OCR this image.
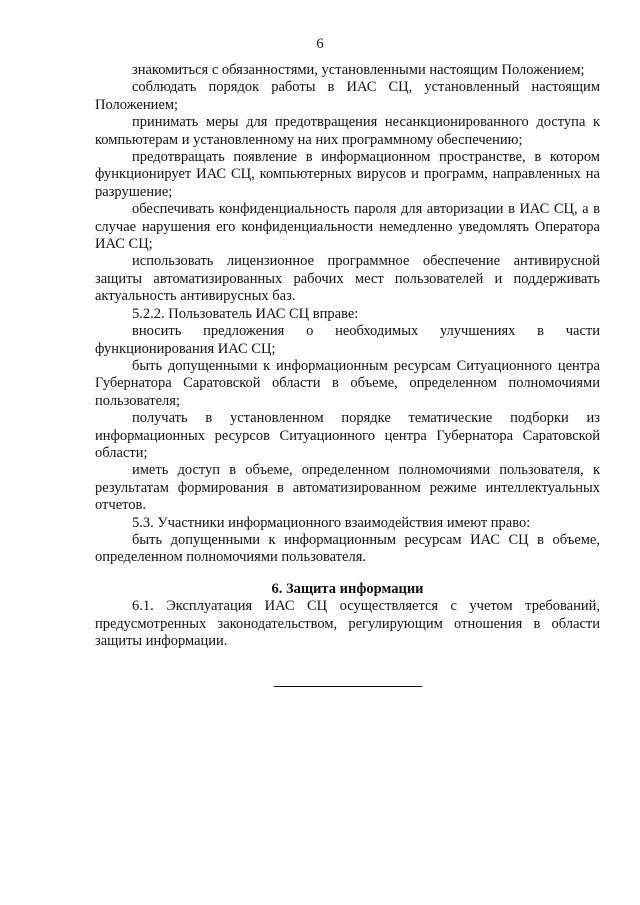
6

знакомиться с обязанностями, установленными настоящим Положением;

соблюдать порядок работы в ИАС СЦ, установленный настоящим Положением;

принимать меры для предотвращения несанкционированного доступа к компьютерам и установленному на них программному обеспечению;

предотвращать появление в информационном пространстве, в котором функционирует ИАС СЦ, компьютерных вирусов и программ, направленных на разрушение;

обеспечивать конфиденциальность пароля для авторизации в ИАС СЦ, а в случае нарушения его конфиденциальности немедленно уведомлять Оператора ИАС СЦ;

использовать лицензионное программное обеспечение антивирусной защиты автоматизированных рабочих мест пользователей и поддерживать актуальность антивирусных баз.

5.2.2. Пользователь ИАС СЦ вправе:

вносить предложения о необходимых улучшениях в части функционирования ИАС СЦ;

быть допущенными к информационным ресурсам Ситуационного центра Губернатора Саратовской области в объеме, определенном полномочиями пользователя;

получать в установленном порядке тематические подборки из информационных ресурсов Ситуационного центра Губернатора Саратовской области;

иметь доступ в объеме, определенном полномочиями пользователя, к результатам формирования в автоматизированном режиме интеллектуальных отчетов.

5.3. Участники информационного взаимодействия имеют право:

быть допущенными к информационным ресурсам ИАС СЦ в объеме, определенном полномочиями пользователя.

6. Защита информации

6.1. Эксплуатация ИАС СЦ осуществляется с учетом требований, предусмотренных законодательством, регулирующим отношения в области защиты информации.
